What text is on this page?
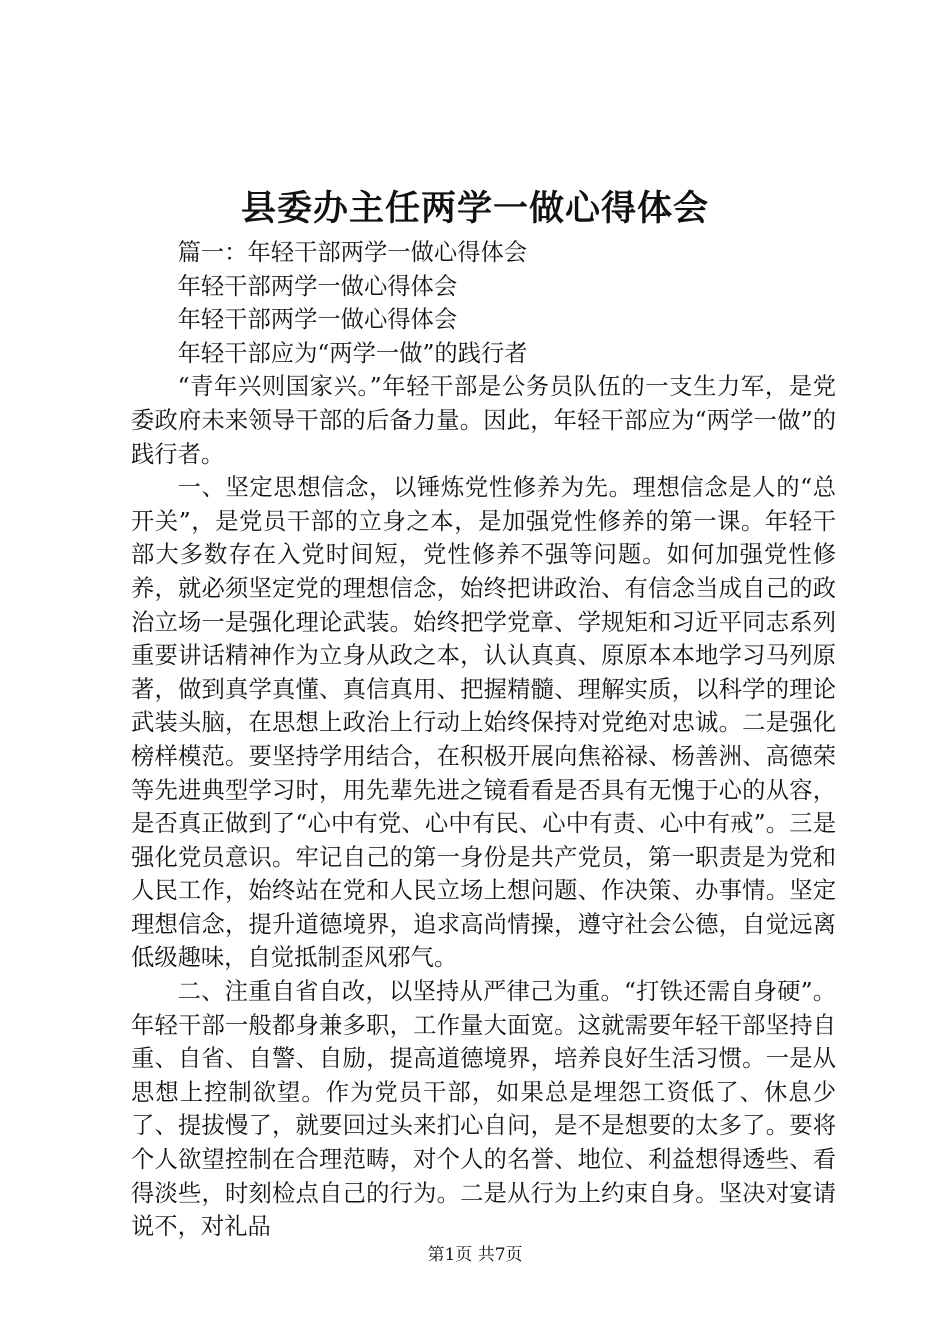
县委办主任两学一做心得体会

篇一：年轻干部两学一做心得体会

年轻干部两学一做心得体会

年轻干部两学一做心得体会

年轻干部应为“两学一做”的践行者

“青年兴则国家兴。”年轻干部是公务员队伍的一支生力军，是党委政府未来领导干部的后备力量。因此，年轻干部应为“两学一做”的践行者。

一、坚定思想信念，以锤炼党性修养为先。理想信念是人的“总开关”，是党员干部的立身之本，是加强党性修养的第一课。年轻干部大多数存在入党时间短，党性修养不强等问题。如何加强党性修养，就必须坚定党的理想信念，始终把讲政治、有信念当成自己的政治立场一是强化理论武装。始终把学党章、学规矩和习近平同志系列重要讲话精神作为立身从政之本，认认真真、原原本本地学习马列原著，做到真学真懂、真信真用、把握精髓、理解实质，以科学的理论武装头脑，在思想上政治上行动上始终保持对党绝对忠诚。二是强化榜样模范。要坚持学用结合，在积极开展向焦裕禄、杨善洲、高德荣等先进典型学习时，用先辈先进之镜看看是否具有无愧于心的从容，是否真正做到了“心中有党、心中有民、心中有责、心中有戒”。三是强化党员意识。牢记自己的第一身份是共产党员，第一职责是为党和人民工作，始终站在党和人民立场上想问题、作决策、办事情。坚定理想信念，提升道德境界，追求高尚情操，遵守社会公德，自觉远离低级趣味，自觉抵制歪风邪气。

二、注重自省自改，以坚持从严律己为重。“打铁还需自身硬”。年轻干部一般都身兼多职，工作量大面宽。这就需要年轻干部坚持自重、自省、自警、自励，提高道德境界，培养良好生活习惯。一是从思想上控制欲望。作为党员干部，如果总是埋怨工资低了、休息少了、提拔慢了，就要回过头来扪心自问，是不是想要的太多了。要将个人欲望控制在合理范畴，对个人的名誉、地位、利益想得透些、看得淡些，时刻检点自己的行为。二是从行为上约束自身。坚决对宴请说不，对礼品

第1页 共7页
